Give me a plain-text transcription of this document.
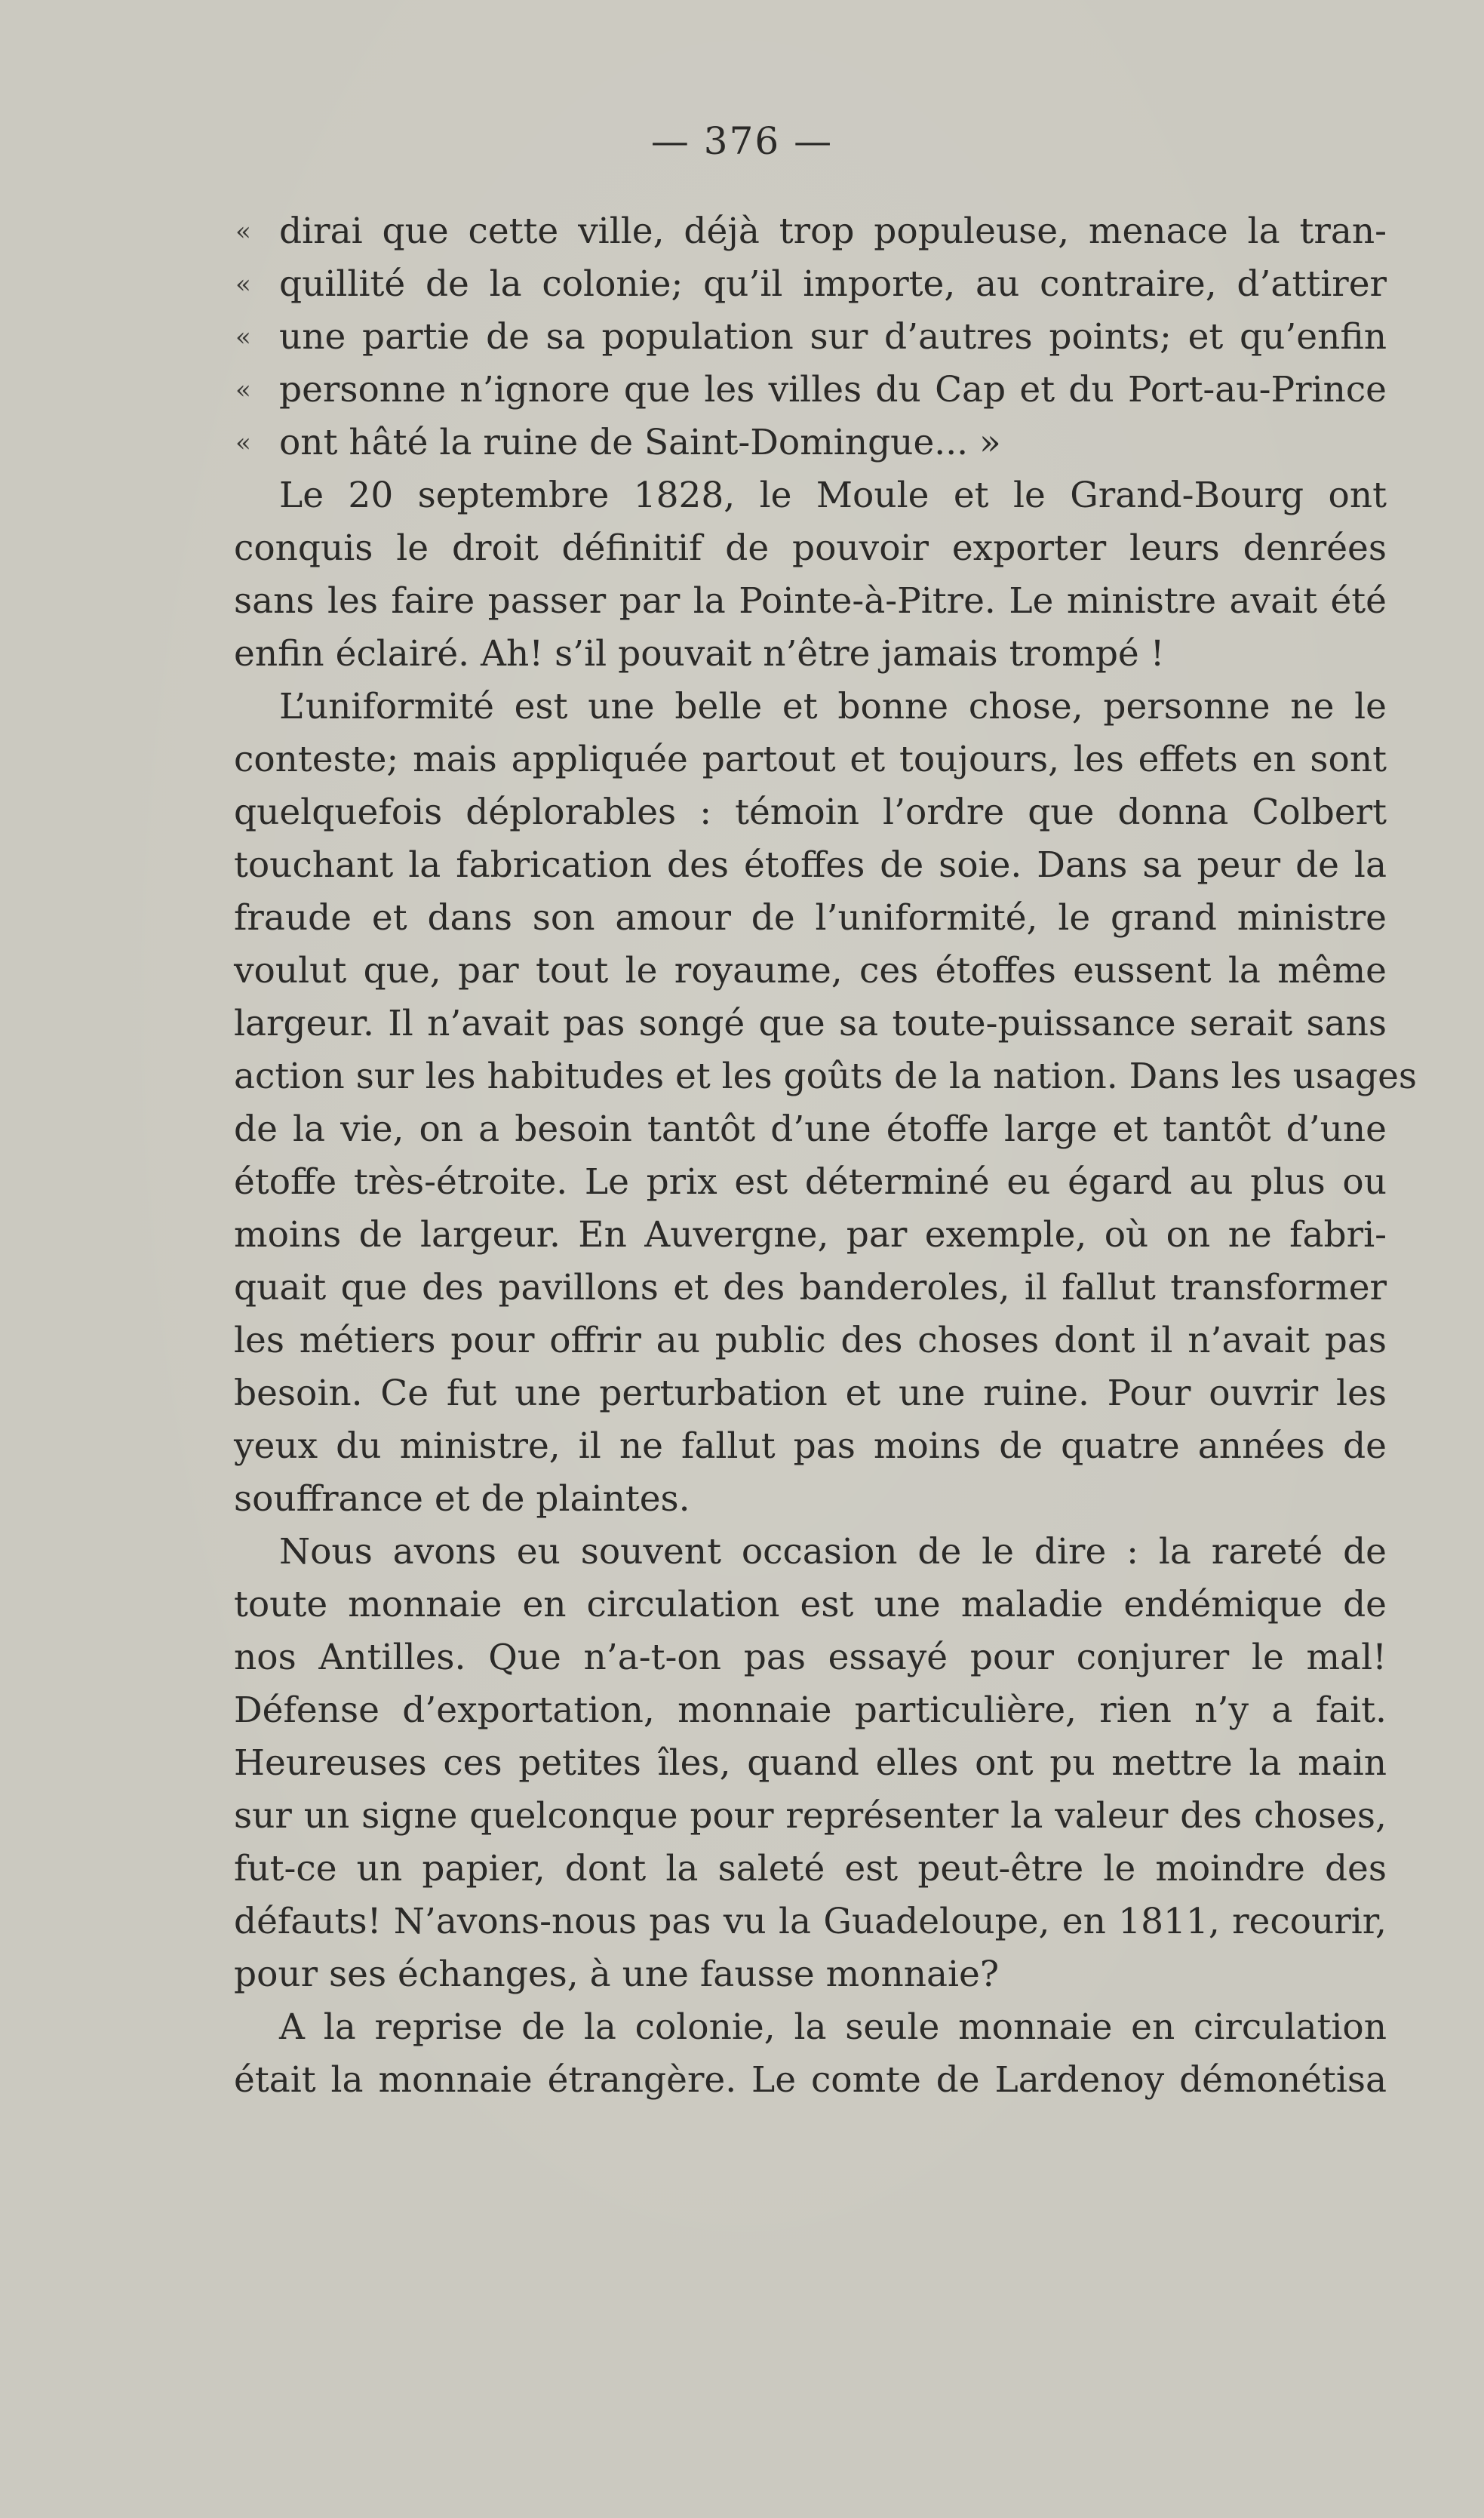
— 376 —
« dirai que cette ville, déjà trop populeuse, menace la tran-
« quillité de la colonie; qu’il importe, au contraire, d’attirer
« une partie de sa population sur d’autres points; et qu’enfin
« personne n’ignore que les villes du Cap et du Port-au-Prince
« ont hâté la ruine de Saint-Domingue... »
Le 20 septembre 1828, le Moule et le Grand-Bourg ont
conquis le droit définitif de pouvoir exporter leurs denrées
sans les faire passer par la Pointe-à-Pitre. Le ministre avait été
enfin éclairé. Ah! s’il pouvait n’être jamais trompé !
L’uniformité est une belle et bonne chose, personne ne le
conteste; mais appliquée partout et toujours, les effets en sont
quelquefois déplorables : témoin l’ordre que donna Colbert
touchant la fabrication des étoffes de soie. Dans sa peur de la
fraude et dans son amour de l’uniformité, le grand ministre
voulut que, par tout le royaume, ces étoffes eussent la même
largeur. Il n’avait pas songé que sa toute-puissance serait sans
action sur les habitudes et les goûts de la nation. Dans les usages
de la vie, on a besoin tantôt d’une étoffe large et tantôt d’une
étoffe très-étroite. Le prix est déterminé eu égard au plus ou
moins de largeur. En Auvergne, par exemple, où on ne fabri-
quait que des pavillons et des banderoles, il fallut transformer
les métiers pour offrir au public des choses dont il n’avait pas
besoin. Ce fut une perturbation et une ruine. Pour ouvrir les
yeux du ministre, il ne fallut pas moins de quatre années de
souffrance et de plaintes.
Nous avons eu souvent occasion de le dire : la rareté de
toute monnaie en circulation est une maladie endémique de
nos Antilles. Que n’a-t-on pas essayé pour conjurer le mal!
Défense d’exportation, monnaie particulière, rien n’y a fait.
Heureuses ces petites îles, quand elles ont pu mettre la main
sur un signe quelconque pour représenter la valeur des choses,
fut-ce un papier, dont la saleté est peut-être le moindre des
défauts! N’avons-nous pas vu la Guadeloupe, en 1811, recourir,
pour ses échanges, à une fausse monnaie?
A la reprise de la colonie, la seule monnaie en circulation
était la monnaie étrangère. Le comte de Lardenoy démonétisa
